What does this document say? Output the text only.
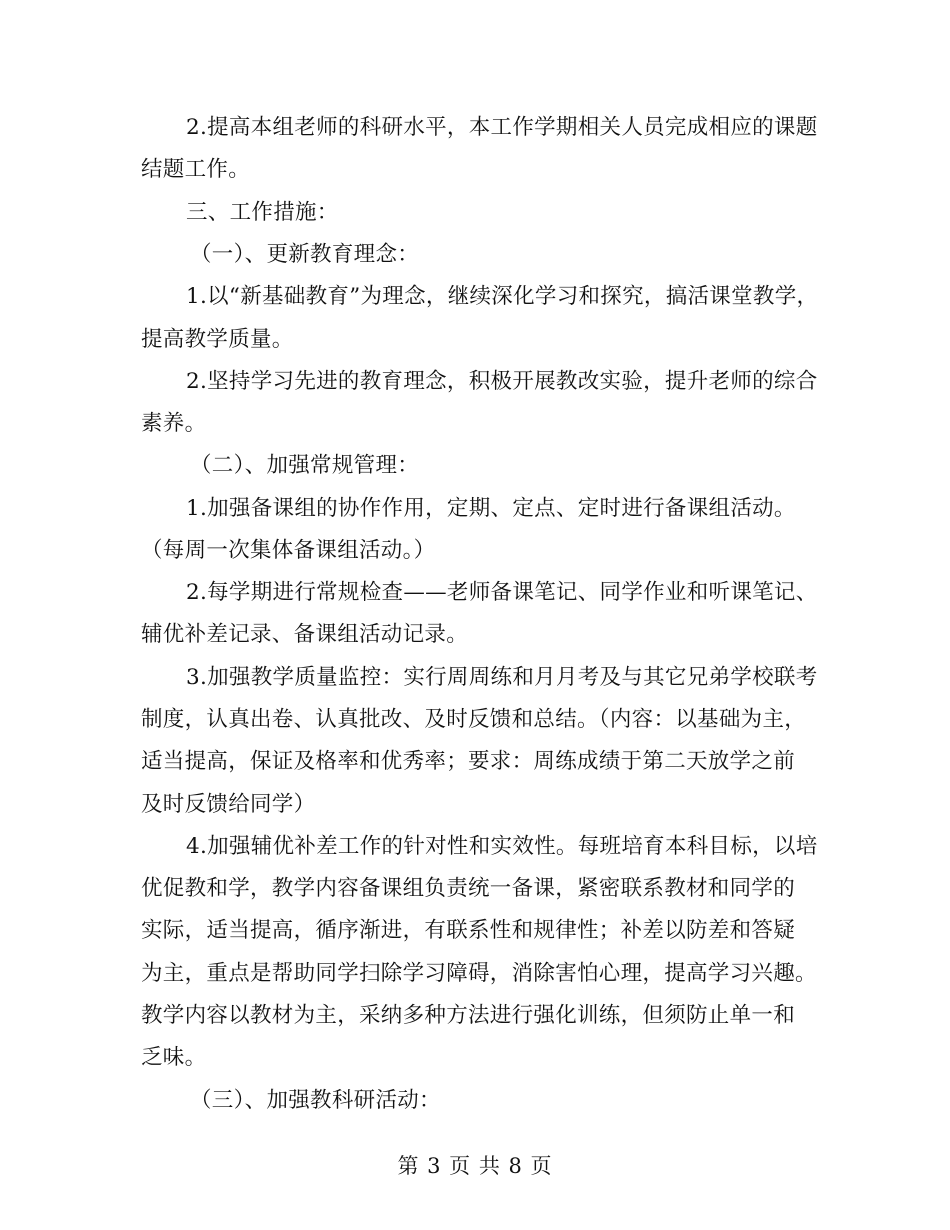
2.提高本组老师的科研水平，本工作学期相关人员完成相应的课题
结题工作。
三、工作措施：
（一）、更新教育理念：
1.以“新基础教育”为理念，继续深化学习和探究，搞活课堂教学，
提高教学质量。
2.坚持学习先进的教育理念，积极开展教改实验，提升老师的综合
素养。
（二）、加强常规管理：
1.加强备课组的协作作用，定期、定点、定时进行备课组活动。
（每周一次集体备课组活动。）
2.每学期进行常规检查——老师备课笔记、同学作业和听课笔记、
辅优补差记录、备课组活动记录。
3.加强教学质量监控：实行周周练和月月考及与其它兄弟学校联考
制度，认真出卷、认真批改、及时反馈和总结。（内容：以基础为主，
适当提高，保证及格率和优秀率；要求：周练成绩于第二天放学之前
及时反馈给同学）
4.加强辅优补差工作的针对性和实效性。每班培育本科目标，以培
优促教和学，教学内容备课组负责统一备课，紧密联系教材和同学的
实际，适当提高，循序渐进，有联系性和规律性；补差以防差和答疑
为主，重点是帮助同学扫除学习障碍，消除害怕心理，提高学习兴趣。
教学内容以教材为主，采纳多种方法进行强化训练，但须防止单一和
乏味。
（三）、加强教科研活动：
第 3 页 共 8 页
